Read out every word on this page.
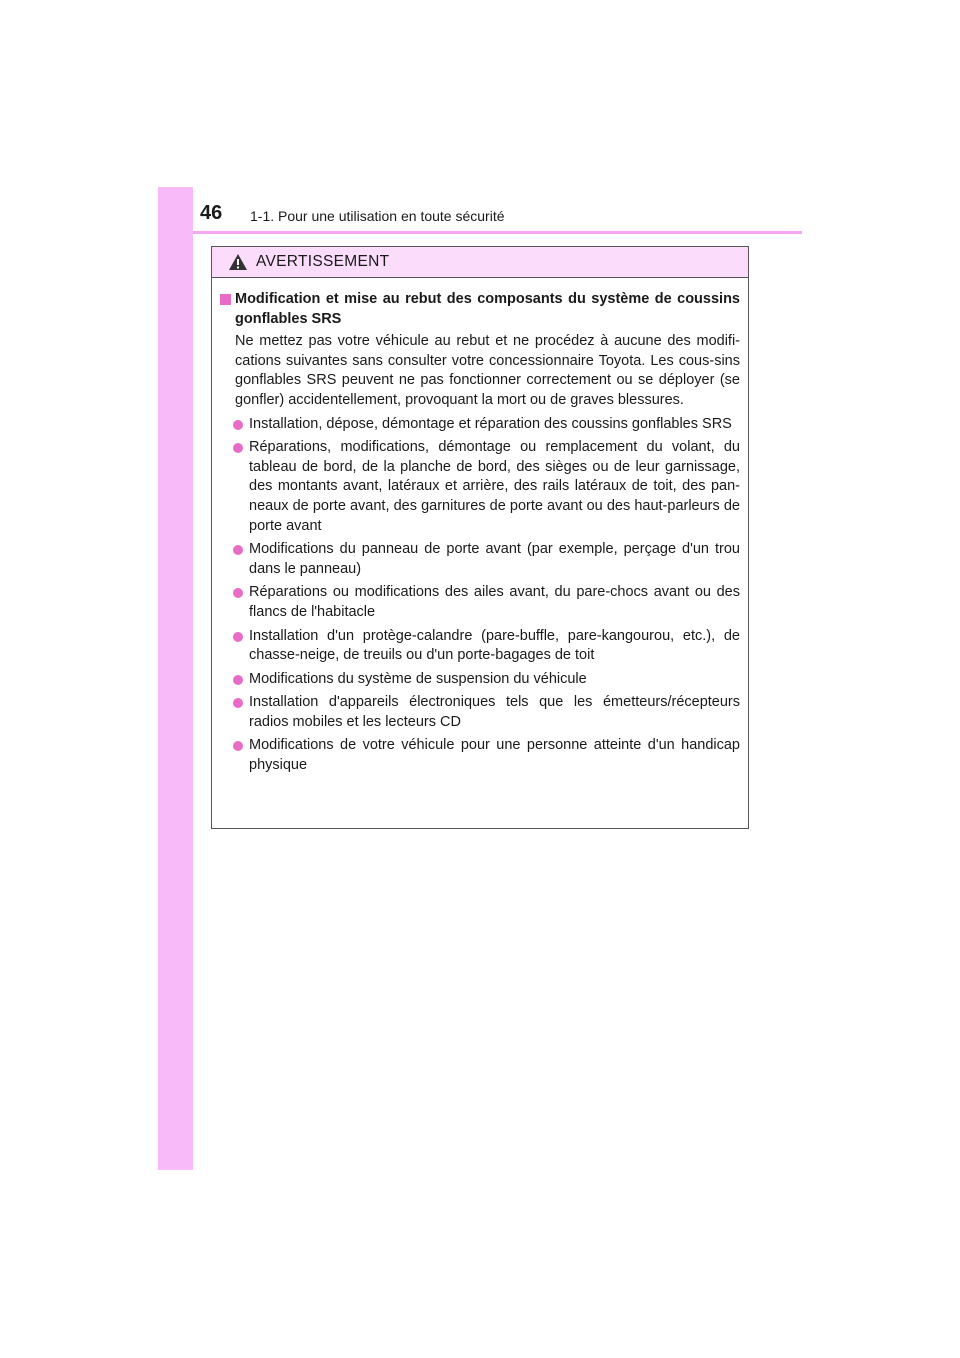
46 1-1. Pour une utilisation en toute sécurité
AVERTISSEMENT
Modification et mise au rebut des composants du système de coussins gonflables SRS
Ne mettez pas votre véhicule au rebut et ne procédez à aucune des modifi-cations suivantes sans consulter votre concessionnaire Toyota. Les cous-sins gonflables SRS peuvent ne pas fonctionner correctement ou se déployer (se gonfler) accidentellement, provoquant la mort ou de graves blessures.
Installation, dépose, démontage et réparation des coussins gonflables SRS
Réparations, modifications, démontage ou remplacement du volant, du tableau de bord, de la planche de bord, des sièges ou de leur garnissage, des montants avant, latéraux et arrière, des rails latéraux de toit, des pan-neaux de porte avant, des garnitures de porte avant ou des haut-parleurs de porte avant
Modifications du panneau de porte avant (par exemple, perçage d'un trou dans le panneau)
Réparations ou modifications des ailes avant, du pare-chocs avant ou des flancs de l'habitacle
Installation d'un protège-calandre (pare-buffle, pare-kangourou, etc.), de chasse-neige, de treuils ou d'un porte-bagages de toit
Modifications du système de suspension du véhicule
Installation d'appareils électroniques tels que les émetteurs/récepteurs radios mobiles et les lecteurs CD
Modifications de votre véhicule pour une personne atteinte d'un handicap physique
